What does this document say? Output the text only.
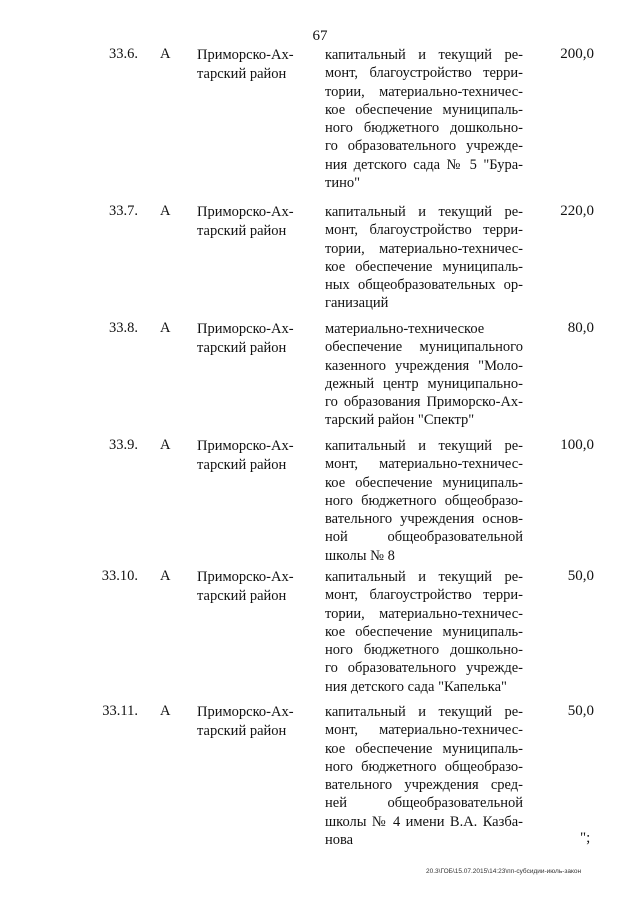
67
33.6. А Приморско-Ах-
тарский район
капитальный и текущий ре-
монт, благоустройство терри-
тории, материально-техничес-
кое обеспечение муниципаль-
ного бюджетного дошкольно-
го образовательного учрежде-
ния детского сада № 5 "Бура-
тино"
200,0
33.7. А Приморско-Ах-
тарский район
капитальный и текущий ре-
монт, благоустройство терри-
тории, материально-техничес-
кое обеспечение муниципаль-
ных общеобразовательных ор-
ганизаций
220,0
33.8. А Приморско-Ах-
тарский район
материально-техническое
обеспечение муниципального
казенного учреждения "Моло-
дежный центр муниципально-
го образования Приморско-Ах-
тарский район "Спектр"
80,0
33.9. А Приморско-Ах-
тарский район
капитальный и текущий ре-
монт, материально-техничес-
кое обеспечение муниципаль-
ного бюджетного общеобразо-
вательного учреждения основ-
ной общеобразовательной
школы № 8
100,0
33.10. А Приморско-Ах-
тарский район
капитальный и текущий ре-
монт, благоустройство терри-
тории, материально-техничес-
кое обеспечение муниципаль-
ного бюджетного дошкольно-
го образовательного учрежде-
ния детского сада "Капелька"
50,0
33.11. А Приморско-Ах-
тарский район
капитальный и текущий ре-
монт, материально-техничес-
кое обеспечение муниципаль-
ного бюджетного общеобразо-
вательного учреждения сред-
ней общеобразовательной
школы № 4 имени В.А. Казба-
нова
50,0
";
20.3\ГОБ\15.07.2015\14:23\пп-субсидии-июль-закон
